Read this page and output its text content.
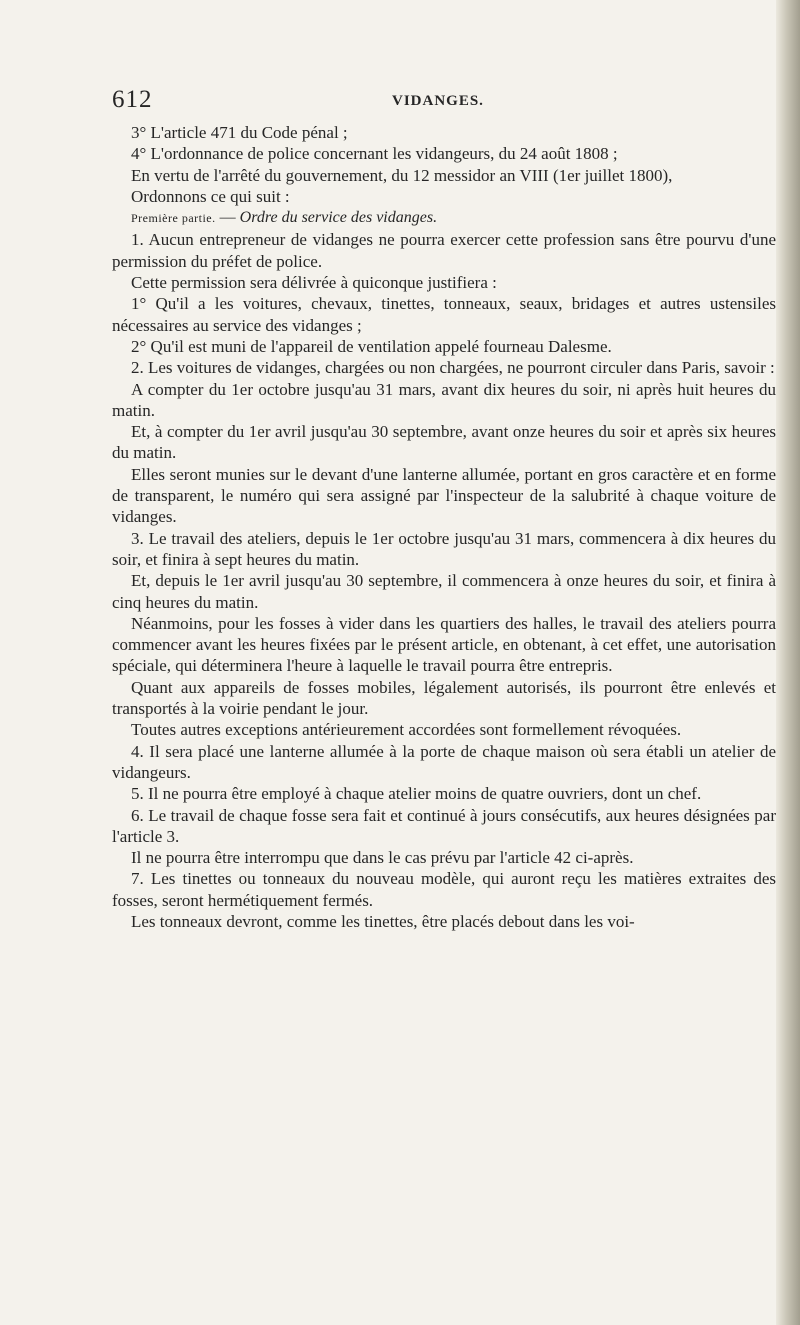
612	VIDANGES.

3° L'article 471 du Code pénal ;

4° L'ordonnance de police concernant les vidangeurs, du 24 août 1808 ;

En vertu de l'arrêté du gouvernement, du 12 messidor an VIII (1er juillet 1800),

Ordonnons ce qui suit :

Première partie. — Ordre du service des vidanges.

1. Aucun entrepreneur de vidanges ne pourra exercer cette profession sans être pourvu d'une permission du préfet de police.

Cette permission sera délivrée à quiconque justifiera :

1° Qu'il a les voitures, chevaux, tinettes, tonneaux, seaux, bridages et autres ustensiles nécessaires au service des vidanges ;

2° Qu'il est muni de l'appareil de ventilation appelé fourneau Dalesme.

2. Les voitures de vidanges, chargées ou non chargées, ne pourront circuler dans Paris, savoir :

A compter du 1er octobre jusqu'au 31 mars, avant dix heures du soir, ni après huit heures du matin.

Et, à compter du 1er avril jusqu'au 30 septembre, avant onze heures du soir et après six heures du matin.

Elles seront munies sur le devant d'une lanterne allumée, portant en gros caractère et en forme de transparent, le numéro qui sera assigné par l'inspecteur de la salubrité à chaque voiture de vidanges.

3. Le travail des ateliers, depuis le 1er octobre jusqu'au 31 mars, commencera à dix heures du soir, et finira à sept heures du matin.

Et, depuis le 1er avril jusqu'au 30 septembre, il commencera à onze heures du soir, et finira à cinq heures du matin.

Néanmoins, pour les fosses à vider dans les quartiers des halles, le travail des ateliers pourra commencer avant les heures fixées par le présent article, en obtenant, à cet effet, une autorisation spéciale, qui déterminera l'heure à laquelle le travail pourra être entrepris.

Quant aux appareils de fosses mobiles, légalement autorisés, ils pourront être enlevés et transportés à la voirie pendant le jour.

Toutes autres exceptions antérieurement accordées sont formellement révoquées.

4. Il sera placé une lanterne allumée à la porte de chaque maison où sera établi un atelier de vidangeurs.

5. Il ne pourra être employé à chaque atelier moins de quatre ouvriers, dont un chef.

6. Le travail de chaque fosse sera fait et continué à jours consécutifs, aux heures désignées par l'article 3.

Il ne pourra être interrompu que dans le cas prévu par l'article 42 ci-après.

7. Les tinettes ou tonneaux du nouveau modèle, qui auront reçu les matières extraites des fosses, seront hermétiquement fermés.

Les tonneaux devront, comme les tinettes, être placés debout dans les voi-
